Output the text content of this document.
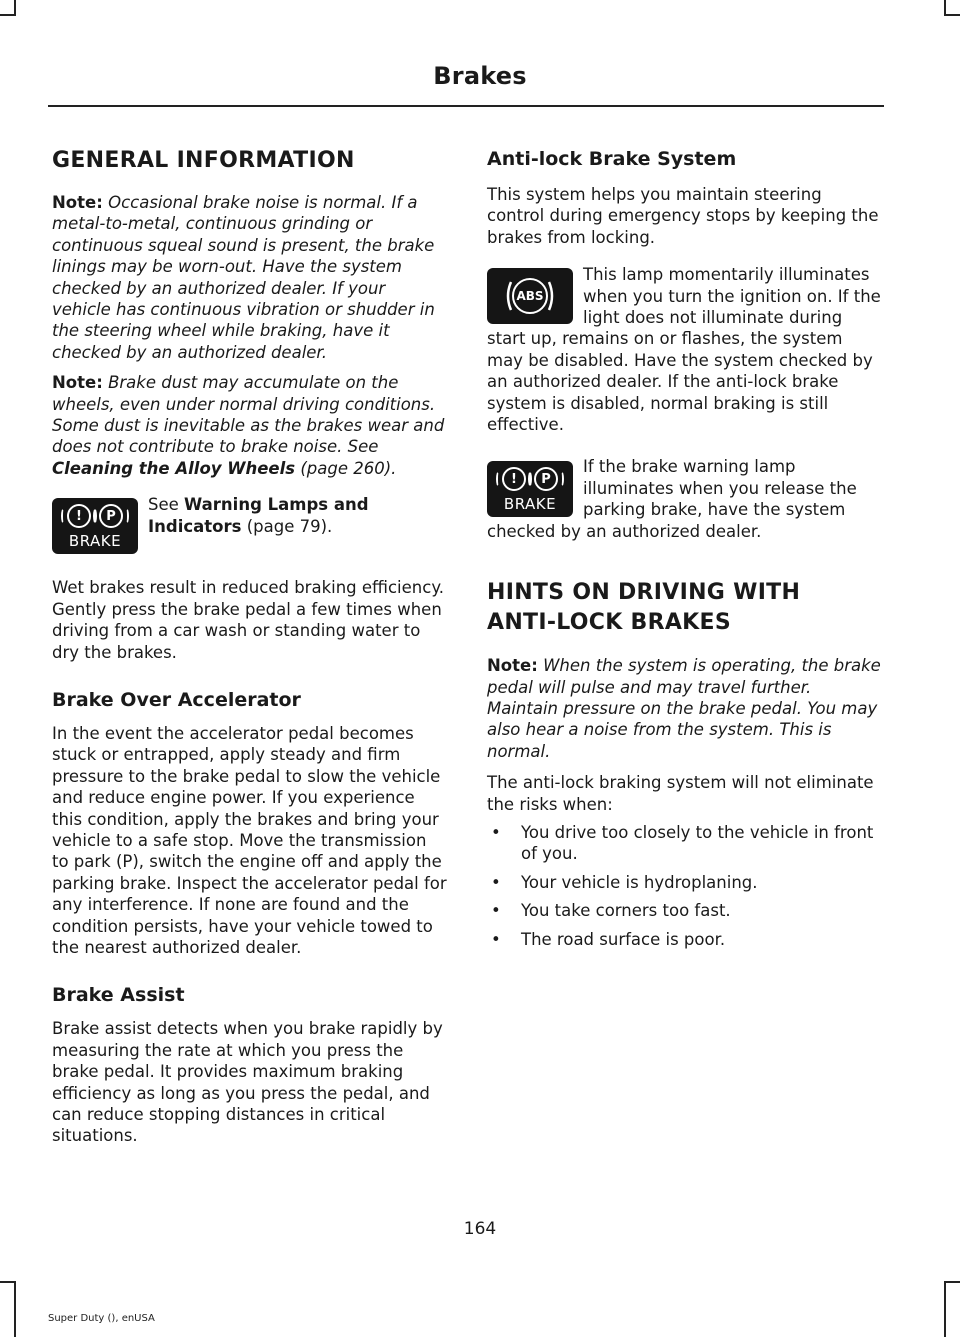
Brakes
GENERAL INFORMATION

Note: Occasional brake noise is normal. If a metal-to-metal, continuous grinding or continuous squeal sound is present, the brake linings may be worn-out. Have the system checked by an authorized dealer. If your vehicle has continuous vibration or shudder in the steering wheel while braking, have it checked by an authorized dealer.

Note: Brake dust may accumulate on the wheels, even under normal driving conditions. Some dust is inevitable as the brakes wear and does not contribute to brake noise. See Cleaning the Alloy Wheels (page 260).

!	P
BRAKE

See Warning Lamps and Indicators (page 79).

Wet brakes result in reduced braking efficiency. Gently press the brake pedal a few times when driving from a car wash or standing water to dry the brakes.

Brake Over Accelerator

In the event the accelerator pedal becomes stuck or entrapped, apply steady and firm pressure to the brake pedal to slow the vehicle and reduce engine power. If you experience this condition, apply the brakes and bring your vehicle to a safe stop. Move the transmission to park (P), switch the engine off and apply the parking brake. Inspect the accelerator pedal for any interference. If none are found and the condition persists, have your vehicle towed to the nearest authorized dealer.

Brake Assist

Brake assist detects when you brake rapidly by measuring the rate at which you press the brake pedal. It provides maximum braking efficiency as long as you press the pedal, and can reduce stopping distances in critical situations.

Anti-lock Brake System

This system helps you maintain steering control during emergency stops by keeping the brakes from locking.

ABS

This lamp momentarily illuminates when you turn the ignition on. If the light does not illuminate during start up, remains on or flashes, the system may be disabled. Have the system checked by an authorized dealer. If the anti-lock brake system is disabled, normal braking is still effective.

!	P
BRAKE

If the brake warning lamp illuminates when you release the parking brake, have the system checked by an authorized dealer.

HINTS ON DRIVING WITH
ANTI-LOCK BRAKES

Note: When the system is operating, the brake pedal will pulse and may travel further. Maintain pressure on the brake pedal. You may also hear a noise from the system. This is normal.

The anti-lock braking system will not eliminate the risks when:

• You drive too closely to the vehicle in front of you.
• Your vehicle is hydroplaning.
• You take corners too fast.
• The road surface is poor.
164
Super Duty (), enUSA
